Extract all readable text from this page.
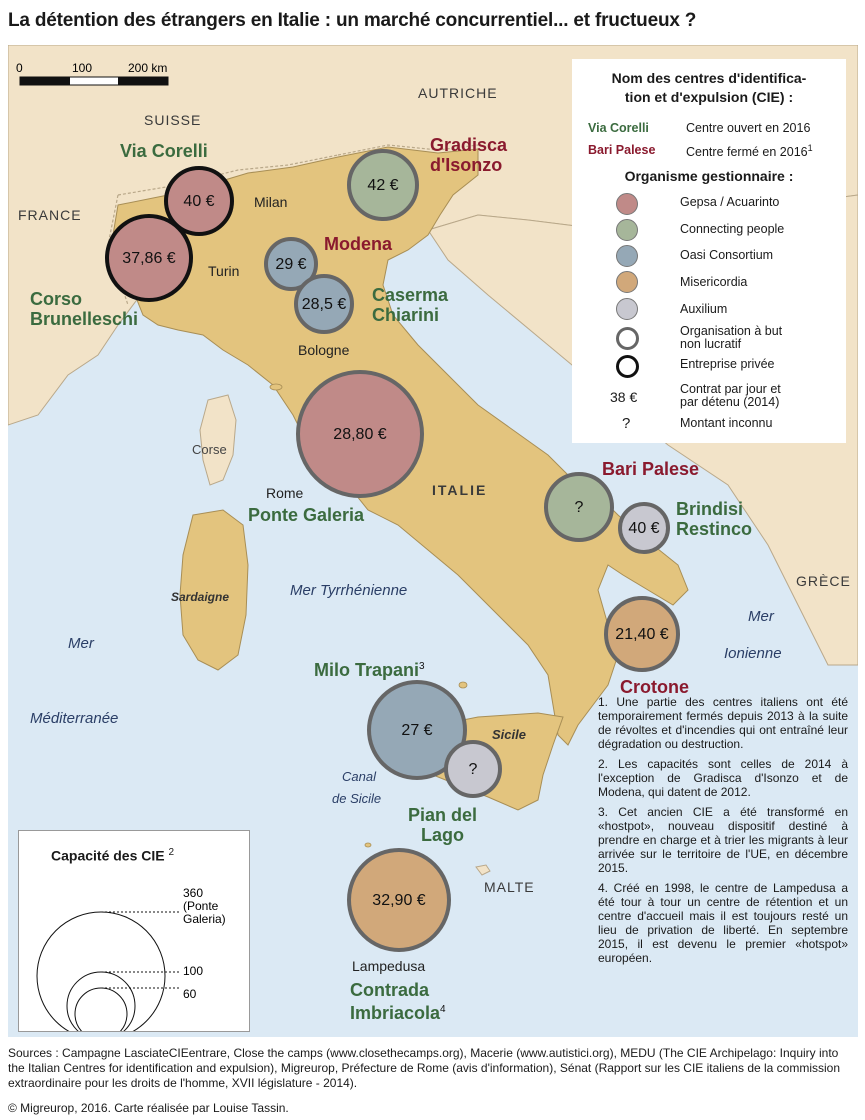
La détention des étrangers en Italie : un marché concurrentiel... et fructueux ?
40 €
37,86 €
42 €
29 €
28,5 €
28,80 €
?
40 €
21,40 €
27 €
?
32,90 €
0	100	200 km
SUISSE
AUTRICHE
FRANCE
ITALIE
GRÈCE
MALTE
Corse
Sardaigne
Sicile
Mer Tyrrhénienne
Mer
Méditerranée
Mer
Ionienne
Canal
de Sicile
Milan
Turin
Bologne
Rome
Lampedusa
Via Corelli
Corso
Brunelleschi
Gradisca
d'Isonzo
Modena
Caserma
Chiarini
Ponte Galeria
Bari Palese
Brindisi
Restinco
Crotone
Milo Trapani$^3$
Pian del
Lago
Contrada
Imbriacola$^4$
Nom des centres d'identifica-
tion et d'expulsion (CIE) :
Via Corelli	Centre ouvert en 2016
Bari Palese Centre fermé en 2016$^1$
Organisme gestionnaire :
Gepsa / Acuarinto
Connecting people
Oasi Consortium
Misericordia
Auxilium
Organisation à but
non lucratif
Entreprise privée
38 €	Contrat par jour et
par détenu (2014)
?	Montant inconnu

1. Une partie des centres italiens ont été temporairement fermés depuis 2013 à la suite de révoltes et d'incendies qui ont entraîné leur dégradation ou destruction.

2. Les capacités sont celles de 2014 à l'exception de Gradisca d'Isonzo et de Modena, qui datent de 2012.

3. Cet ancien CIE a été transformé en «hostpot», nouveau dispositif destiné à prendre en charge et à trier les migrants à leur arrivée sur le territoire de l'UE, en décembre 2015.

4. Créé en 1998, le centre de Lampedusa a été tour à tour un centre de rétention et un centre d'accueil mais il est toujours resté un lieu de privation de liberté. En septembre 2015, il est devenu le premier «hotspot» européen.

Capacité des CIE $^2$
360
(Ponte
Galeria)
100
60
Sources : Campagne LasciateCIEentrare, Close the camps (www.closethecamps.org), Macerie (www.autistici.org), MEDU (The CIE Archipelago: Inquiry into the Italian Centres for identification and expulsion), Migreurop, Préfecture de Rome (avis d'information), Sénat (Rapport sur les CIE italiens de la commission extraordinaire pour les droits de l'homme, XVII législature - 2014).
© Migreurop, 2016. Carte réalisée par Louise Tassin.
